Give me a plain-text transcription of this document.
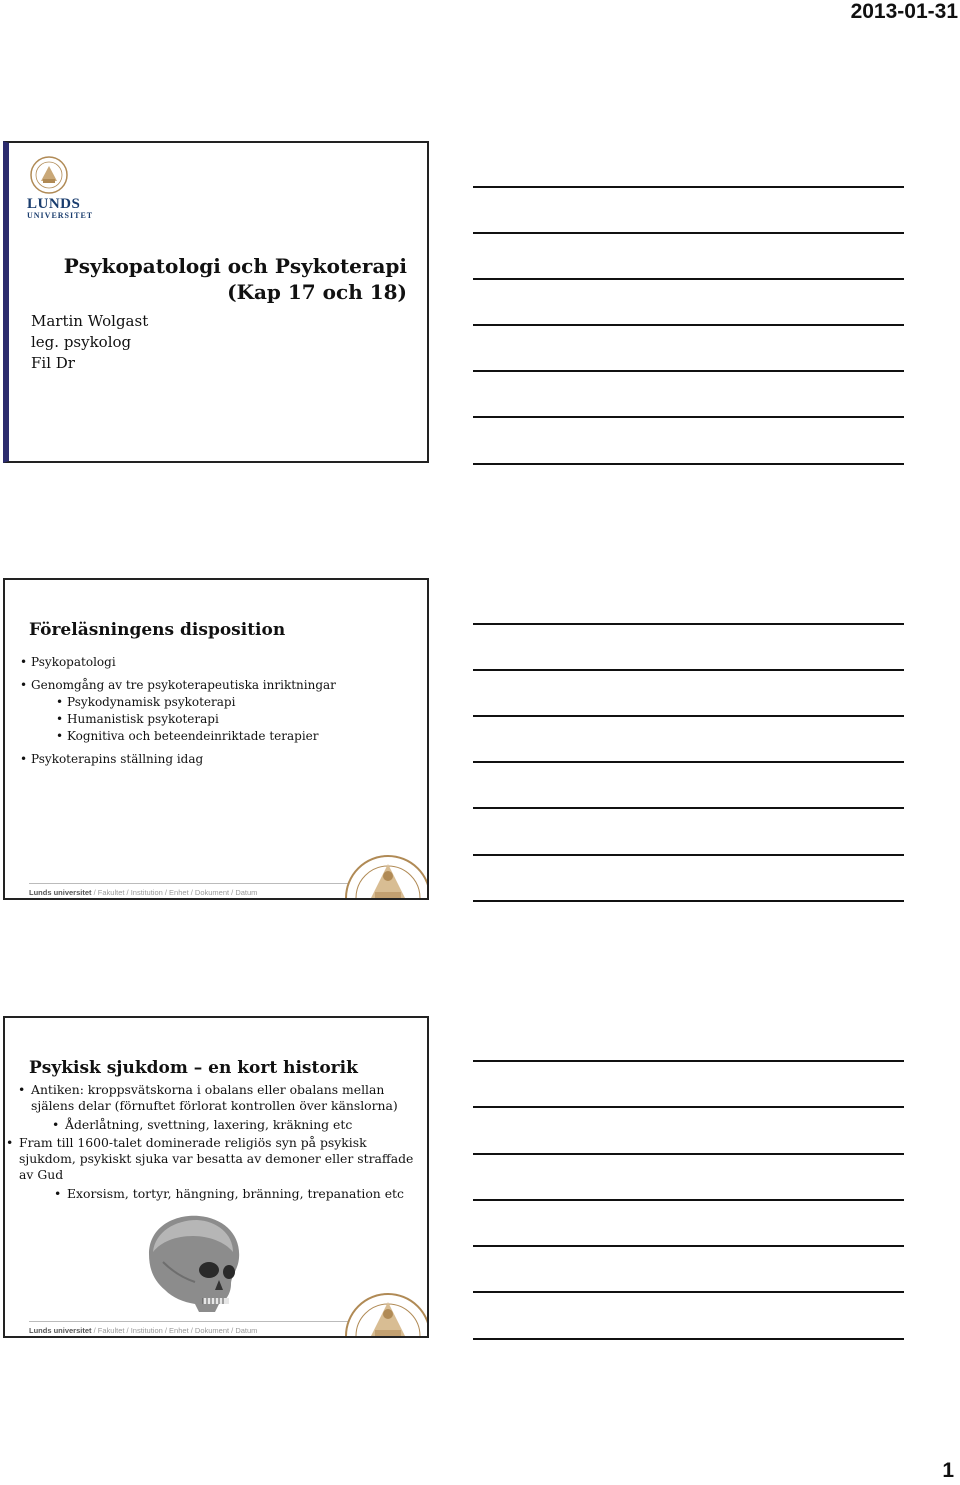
2013-01-31
LUNDS
UNIVERSITET
Psykopatologi och Psykoterapi
(Kap 17 och 18)
Martin Wolgast
leg. psykolog
Fil Dr
Föreläsningens disposition
• Psykopatologi
• Genomgång av tre psykoterapeutiska inriktningar
• Psykodynamisk psykoterapi
• Humanistisk psykoterapi
• Kognitiva och beteendeinriktade terapier
• Psykoterapins ställning idag
Lunds universitet / Fakultet / Institution / Enhet / Dokument / Datum
Psykisk sjukdom – en kort historik
• Antiken: kroppsvätskorna i obalans eller obalans mellan själens delar (förnuftet förlorat kontrollen över känslorna)
• Åderlåtning, svettning, laxering, kräkning etc
• Fram till 1600-talet dominerade religiös syn på psykisk sjukdom, psykiskt sjuka var besatta av demoner eller straffade av Gud
• Exorsism, tortyr, hängning, bränning, trepanation etc
Lunds universitet / Fakultet / Institution / Enhet / Dokument / Datum
1
